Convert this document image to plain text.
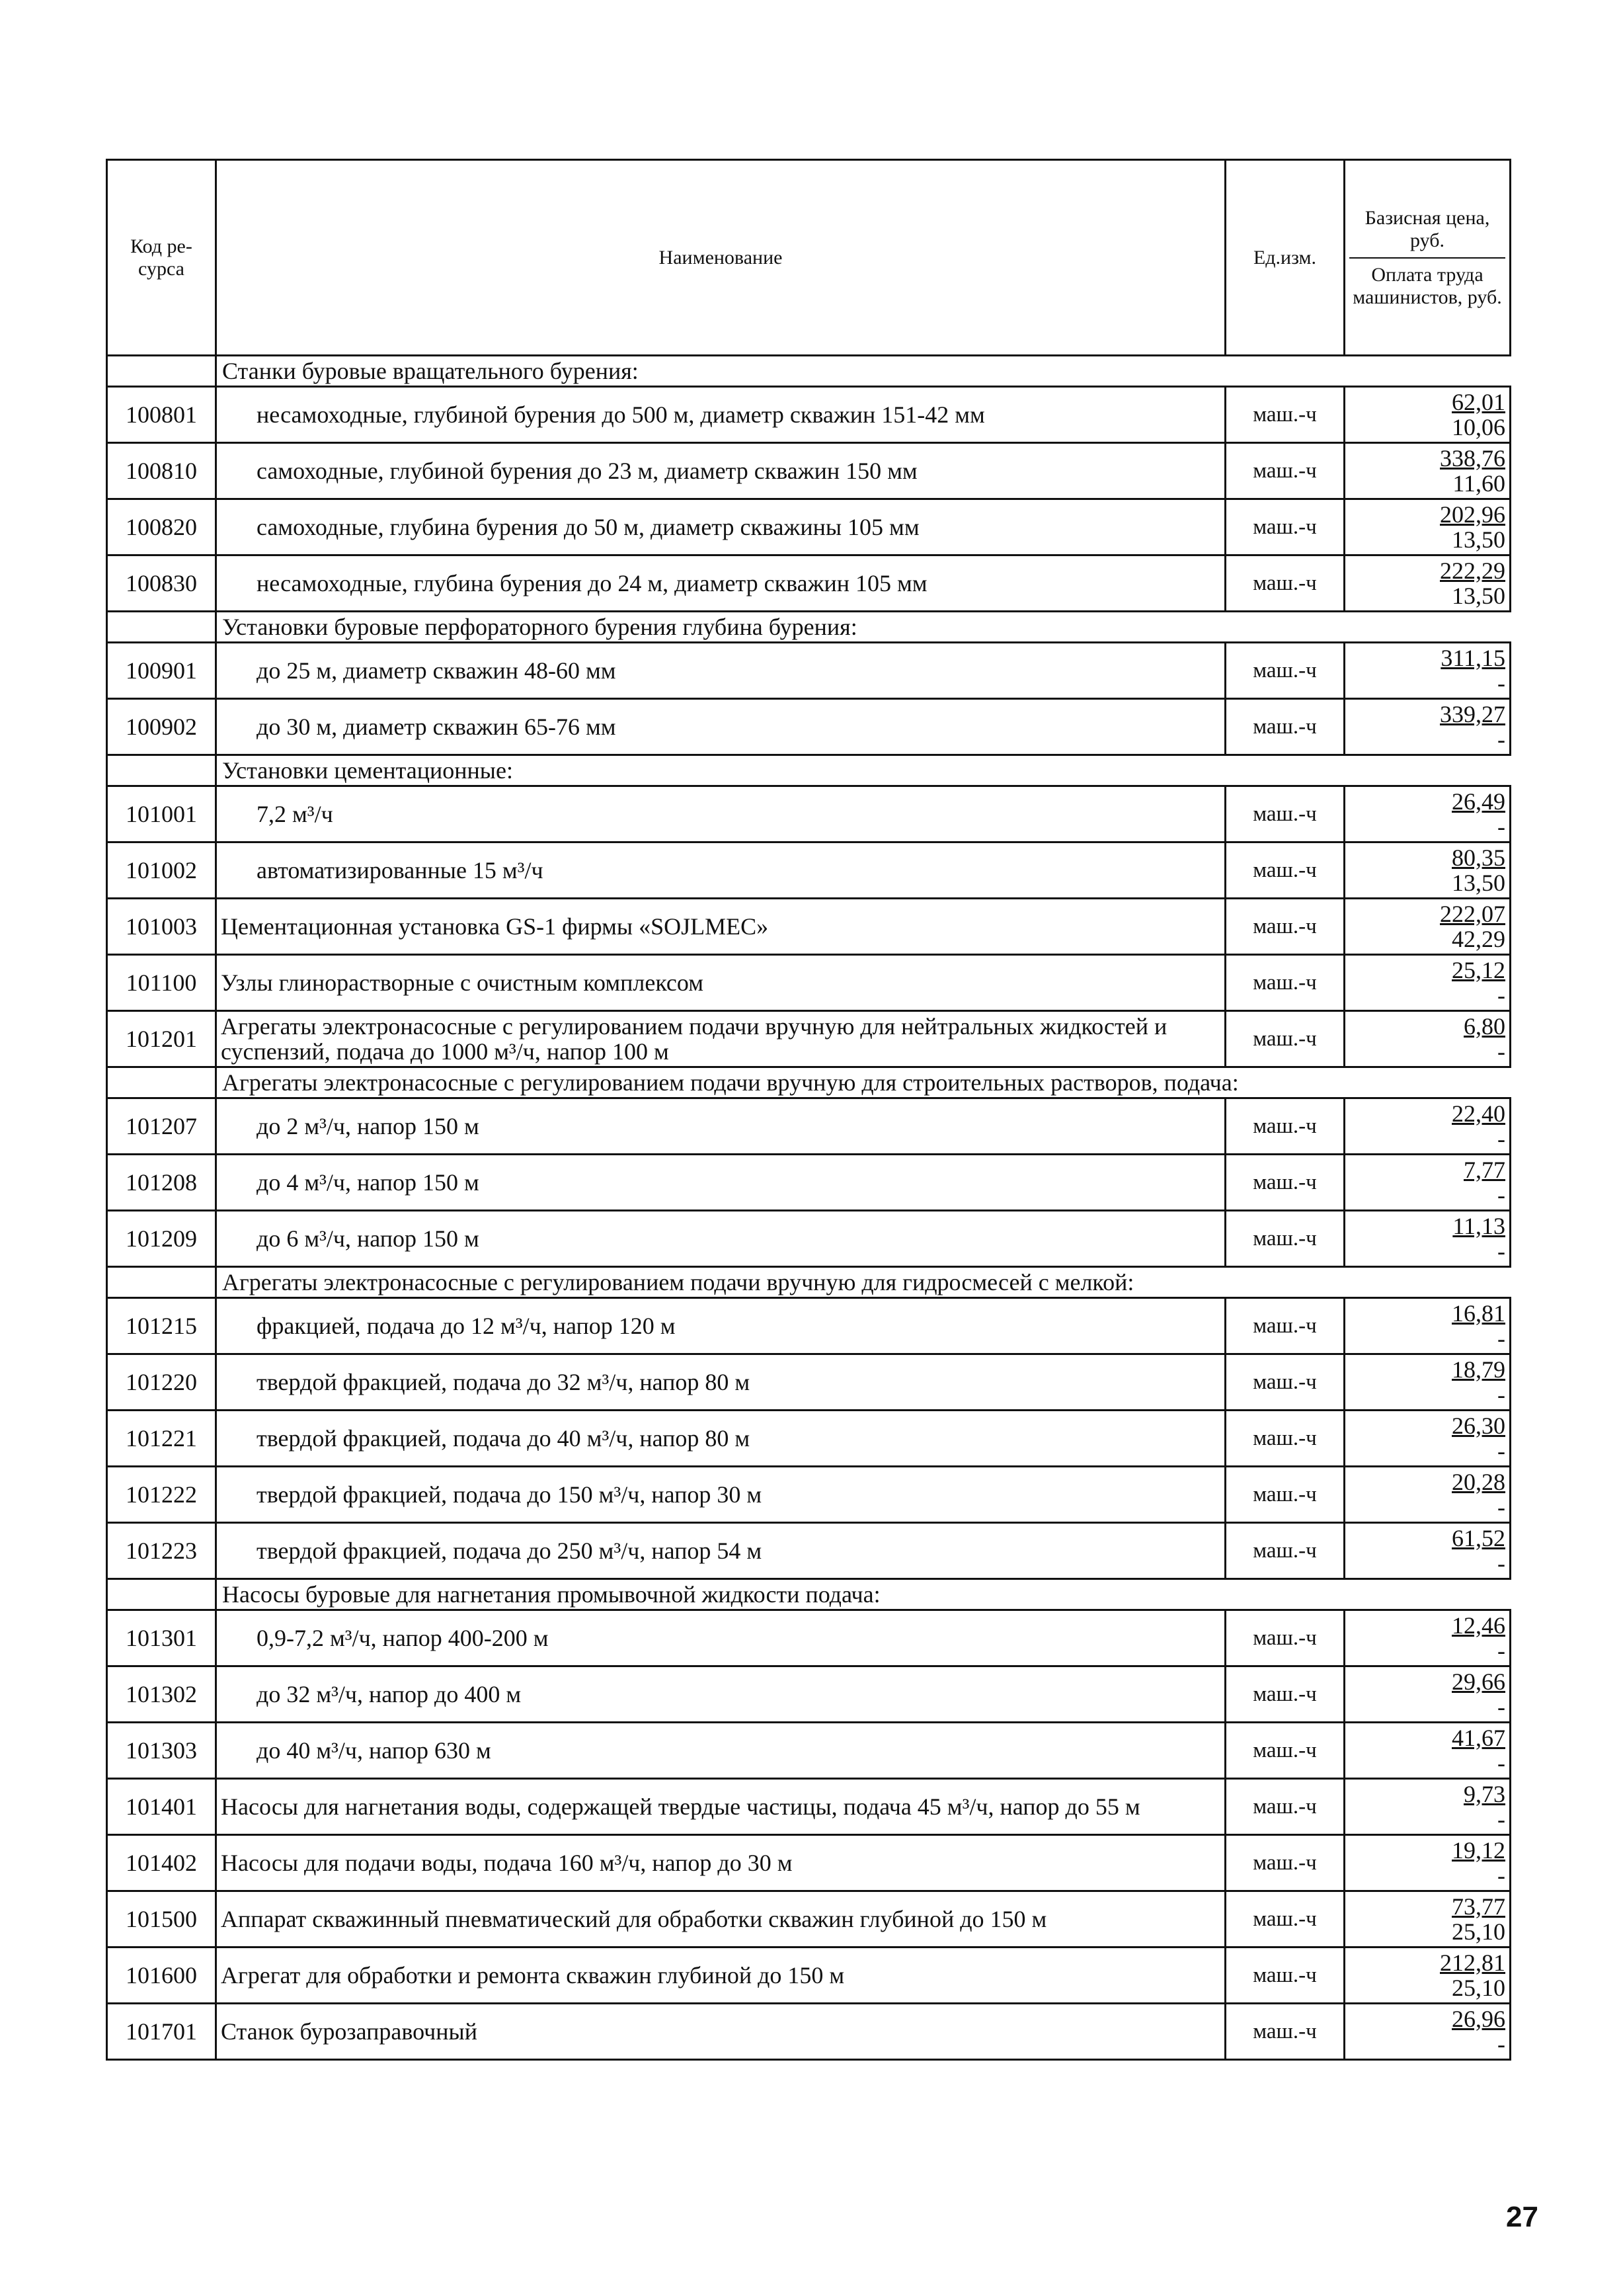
Код ре-сурса	Наименование	Ед.изм.	Базисная цена, руб.
Оплата труда машинистов, руб.

	Станки буровые вращательного бурения:		
100801	несамоходные, глубиной бурения до 500 м, диаметр скважин 151-42 мм	маш.-ч	62,01
10,06

100810	самоходные, глубиной бурения до 23 м, диаметр скважин 150 мм	маш.-ч	338,76
11,60

100820	самоходные, глубина бурения до 50 м, диаметр скважины 105 мм	маш.-ч	202,96
13,50

100830	несамоходные, глубина бурения до 24 м, диаметр скважин 105 мм	маш.-ч	222,29
13,50

	Установки буровые перфораторного бурения глубина бурения:		
100901	до 25 м, диаметр скважин 48-60 мм	маш.-ч	311,15
-

100902	до 30 м, диаметр скважин 65-76 мм	маш.-ч	339,27
-

	Установки цементационные:		
101001	7,2 м³/ч	маш.-ч	26,49
-

101002	автоматизированные 15 м³/ч	маш.-ч	80,35
13,50

101003	Цементационная установка GS-1 фирмы «SOJLMEC»	маш.-ч	222,07
42,29

101100	Узлы глинорастворные с очистным комплексом	маш.-ч	25,12
-

101201	Агрегаты электронасосные с регулированием подачи вручную для нейтральных жидкостей и суспензий, подача до 1000 м³/ч, напор 100 м	маш.-ч	6,80
-

	Агрегаты электронасосные с регулированием подачи вручную для строительных растворов, подача:		
101207	до 2 м³/ч, напор 150 м	маш.-ч	22,40
-

101208	до 4 м³/ч, напор 150 м	маш.-ч	7,77
-

101209	до 6 м³/ч, напор 150 м	маш.-ч	11,13
-

	Агрегаты электронасосные с регулированием подачи вручную для гидросмесей с мелкой:		
101215	фракцией, подача до 12 м³/ч, напор 120 м	маш.-ч	16,81
-

101220	твердой фракцией, подача до 32 м³/ч, напор 80 м	маш.-ч	18,79
-

101221	твердой фракцией, подача до 40 м³/ч, напор 80 м	маш.-ч	26,30
-

101222	твердой фракцией, подача до 150 м³/ч, напор 30 м	маш.-ч	20,28
-

101223	твердой фракцией, подача до 250 м³/ч, напор 54 м	маш.-ч	61,52
-

	Насосы буровые для нагнетания промывочной жидкости подача:		
101301	0,9-7,2 м³/ч, напор 400-200 м	маш.-ч	12,46
-

101302	до 32 м³/ч, напор до 400 м	маш.-ч	29,66
-

101303	до 40 м³/ч, напор 630 м	маш.-ч	41,67
-

101401	Насосы для нагнетания воды, содержащей твердые частицы, подача 45 м³/ч, напор до 55 м	маш.-ч	9,73
-

101402	Насосы для подачи воды, подача 160 м³/ч, напор до 30 м	маш.-ч	19,12
-

101500	Аппарат скважинный пневматический для обработки скважин глубиной до 150 м	маш.-ч	73,77
25,10

101600	Агрегат для обработки и ремонта скважин глубиной до 150 м	маш.-ч	212,81
25,10

101701	Станок бурозаправочный	маш.-ч	26,96
-
27
